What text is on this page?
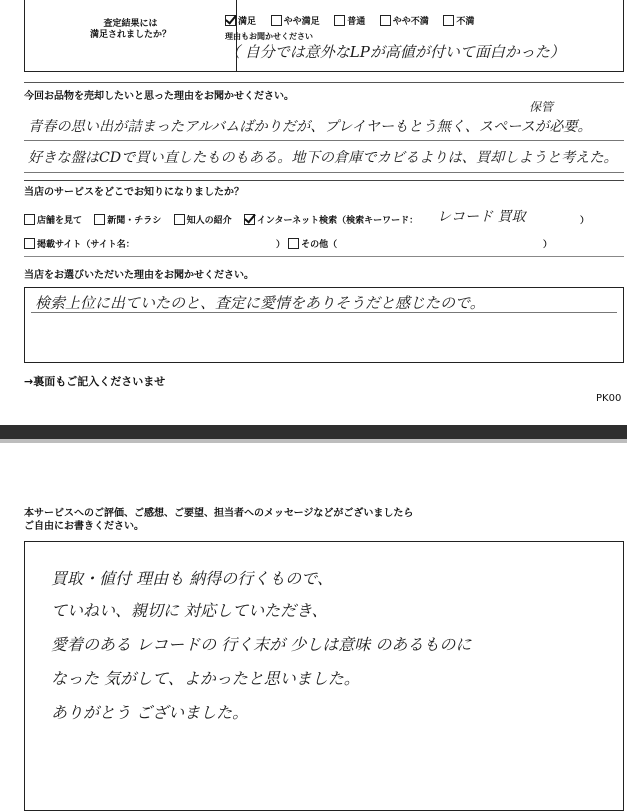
査定結果には
満足されましたか？
満足	やや満足	普通	やや不満	不満
理由もお聞かせください
（ 自分では意外なLPが高値が付いて面白かった）
今回お品物を売却したいと思った理由をお聞かせください。
保管
青春の思い出が詰まったアルバムばかりだが、プレイヤーもとう無く、スペースが必要。
好きな盤はCDで買い直したものもある。地下の倉庫でカビるよりは、買却しようと考えた。
当店のサービスをどこでお知りになりましたか？
店舗を見て	新聞・チラシ	知人の紹介	インターネット検索（検索キーワード： レコード 買取	）
掲載サイト（サイト名：	） その他（	）
当店をお選びいただいた理由をお聞かせください。
検索上位に出ていたのと、査定に愛情をありそうだと感じたので。
→裏面もご記入くださいませ
PK00
本サービスへのご評価、ご感想、ご要望、担当者へのメッセージなどがございましたら
ご自由にお書きください。
買取・値付 理由も 納得の行くもので、
ていねい、親切に 対応していただき、
愛着のある レコードの 行く末が 少しは意味 のあるものに
なった 気がして、よかったと思いました。
ありがとう ございました。
